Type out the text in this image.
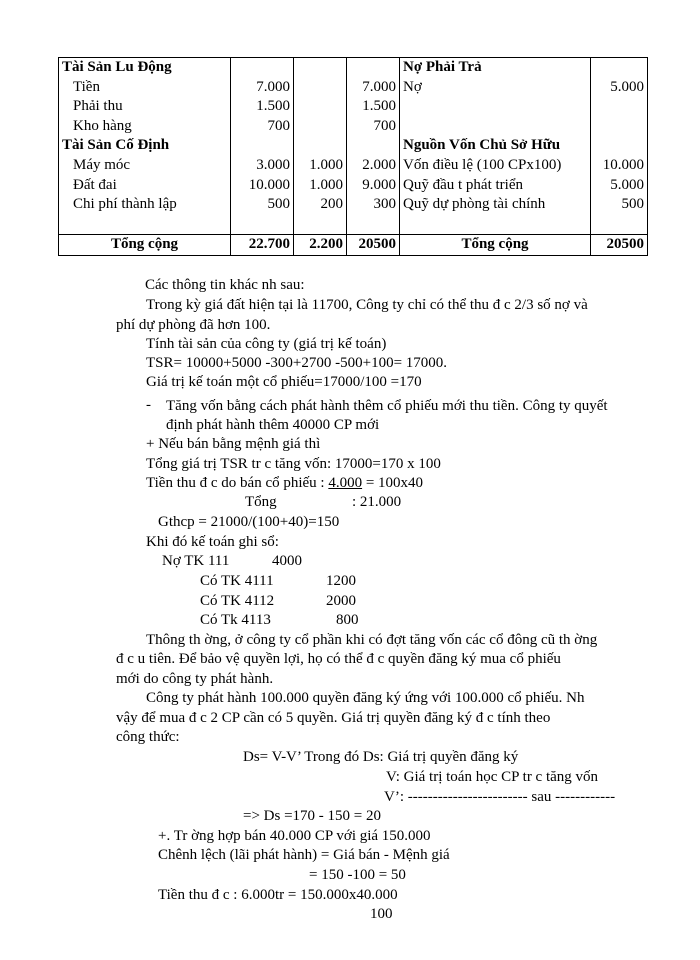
Tài Sản Lu Động				Nợ Phải Trả	
Tiền	7.000		7.000	Nợ	5.000
Phải thu	1.500		1.500		
Kho hàng	700		700		
Tài Sản Cố Định				Nguồn Vốn Chủ Sở Hữu	
Máy móc	3.000	1.000	2.000	Vốn điều lệ (100 CPx100)	10.000
Đất đai	10.000	1.000	9.000	Quỹ đầu t phát triển	5.000
Chi phí thành lập	500	200	300	Quỹ dự phòng tài chính	500

Tổng cộng	22.700	2.200	20500	Tổng cộng	20500
Các thông tin khác nh sau:
Trong kỳ giá đất hiện tại là 11700, Công ty chỉ có thể thu đ c 2/3 số nợ và
phí dự phòng đã hơn 100.
Tính tài sản của công ty (giá trị kế toán)
TSR= 10000+5000 -300+2700 -500+100= 17000.
Giá trị kế toán một cổ phiếu=17000/100 =170
- Tăng vốn bằng cách phát hành thêm cổ phiếu mới thu tiền. Công ty quyết
định phát hành thêm 40000 CP mới
+ Nếu bán bằng mệnh giá thì
Tổng giá trị TSR tr c tăng vốn: 17000=170 x 100
Tiền thu đ c do bán cổ phiếu : 4.000 = 100x40
Tổng	: 21.000
Gthcp = 21000/(100+40)=150
Khi đó kế toán ghi sổ:
Nợ TK 111	4000
Có TK 4111	1200
Có TK 4112	2000
Có Tk 4113	800
Thông th ờng, ở công ty cổ phần khi có đợt tăng vốn các cổ đông cũ th ờng
đ c u tiên. Để bảo vệ quyền lợi, họ có thể đ c quyền đăng ký mua cổ phiếu
mới do công ty phát hành.
Công ty phát hành 100.000 quyền đăng ký ứng với 100.000 cổ phiếu. Nh
vậy để mua đ c 2 CP cần có 5 quyền. Giá trị quyền đăng ký đ c tính theo
công thức:
Ds= V-V’ Trong đó Ds: Giá trị quyền đăng ký
V: Giá trị toán học CP tr c tăng vốn
V’: ------------------------ sau ------------
=> Ds =170 - 150 = 20
+. Tr ờng hợp bán 40.000 CP với giá 150.000
Chênh lệch (lãi phát hành) = Giá bán - Mệnh giá
= 150 -100 = 50
Tiền thu đ c : 6.000tr = 150.000x40.000
100
